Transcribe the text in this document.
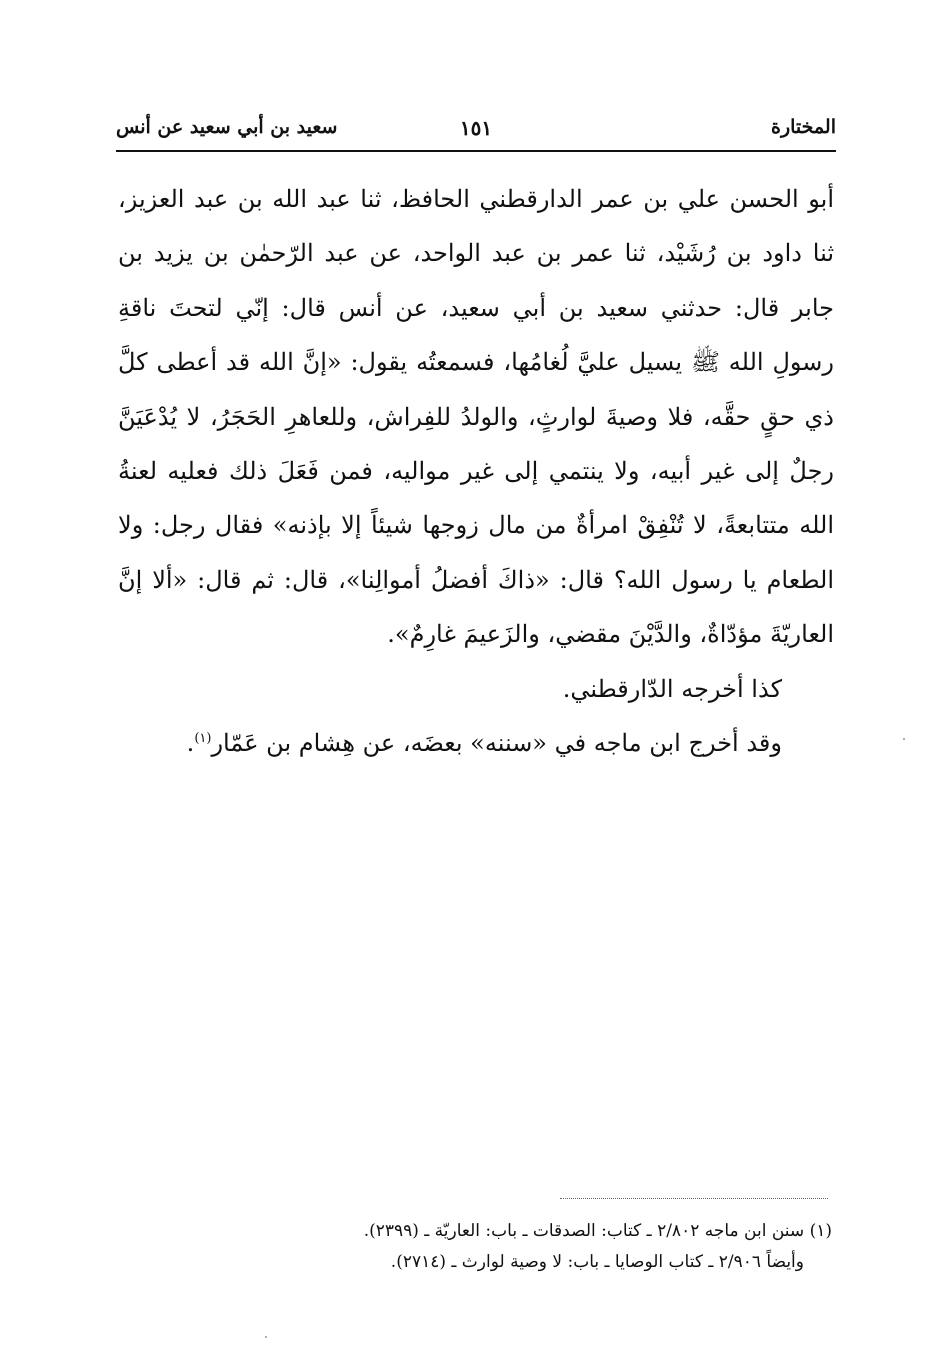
المختارة
١٥١
سعيد بن أبي سعيد عن أنس

أبو الحسن علي بن عمر الدارقطني الحافظ، ثنا عبد الله بن عبد العزيز، ثنا داود بن رُشَيْد، ثنا عمر بن عبد الواحد، عن عبد الرّحمٰن بن يزيد بن جابر قال: حدثني سعيد بن أبي سعيد، عن أنس قال: إنّي لتحتَ ناقةِ رسولِ الله ﷺ يسيل عليَّ لُغامُها، فسمعتُه يقول: «إنَّ الله قد أعطى كلَّ ذي حقٍ حقَّه، فلا وصيةَ لوارثٍ، والولدُ للفِراش، وللعاهرِ الحَجَرُ، لا يُدْعَيَنَّ رجلٌ إلى غير أبيه، ولا ينتمي إلى غير مواليه، فمن فَعَلَ ذلك فعليه لعنةُ الله متتابعةً، لا تُنْفِقْ امرأةٌ من مال زوجها شيئاً إلا بإذنه» فقال رجل: ولا الطعام يا رسول الله؟ قال: «ذاكَ أفضلُ أموالِنا»، قال: ثم قال: «ألا إنَّ العاريّةَ مؤدّاةٌ، والدَّيْنَ مقضي، والزَعيمَ غارِمٌ».

كذا أخرجه الدّارقطني.

وقد أخرج ابن ماجه في «سننه» بعضَه، عن هِشام بن عَمّار$^{(١)}$.

(١) سنن ابن ماجه ٢/٨٠٢ ـ كتاب: الصدقات ـ باب: العاريّة ـ (٢٣٩٩).

وأيضاً ٢/٩٠٦ ـ كتاب الوصايا ـ باب: لا وصية لوارث ـ (٢٧١٤).
